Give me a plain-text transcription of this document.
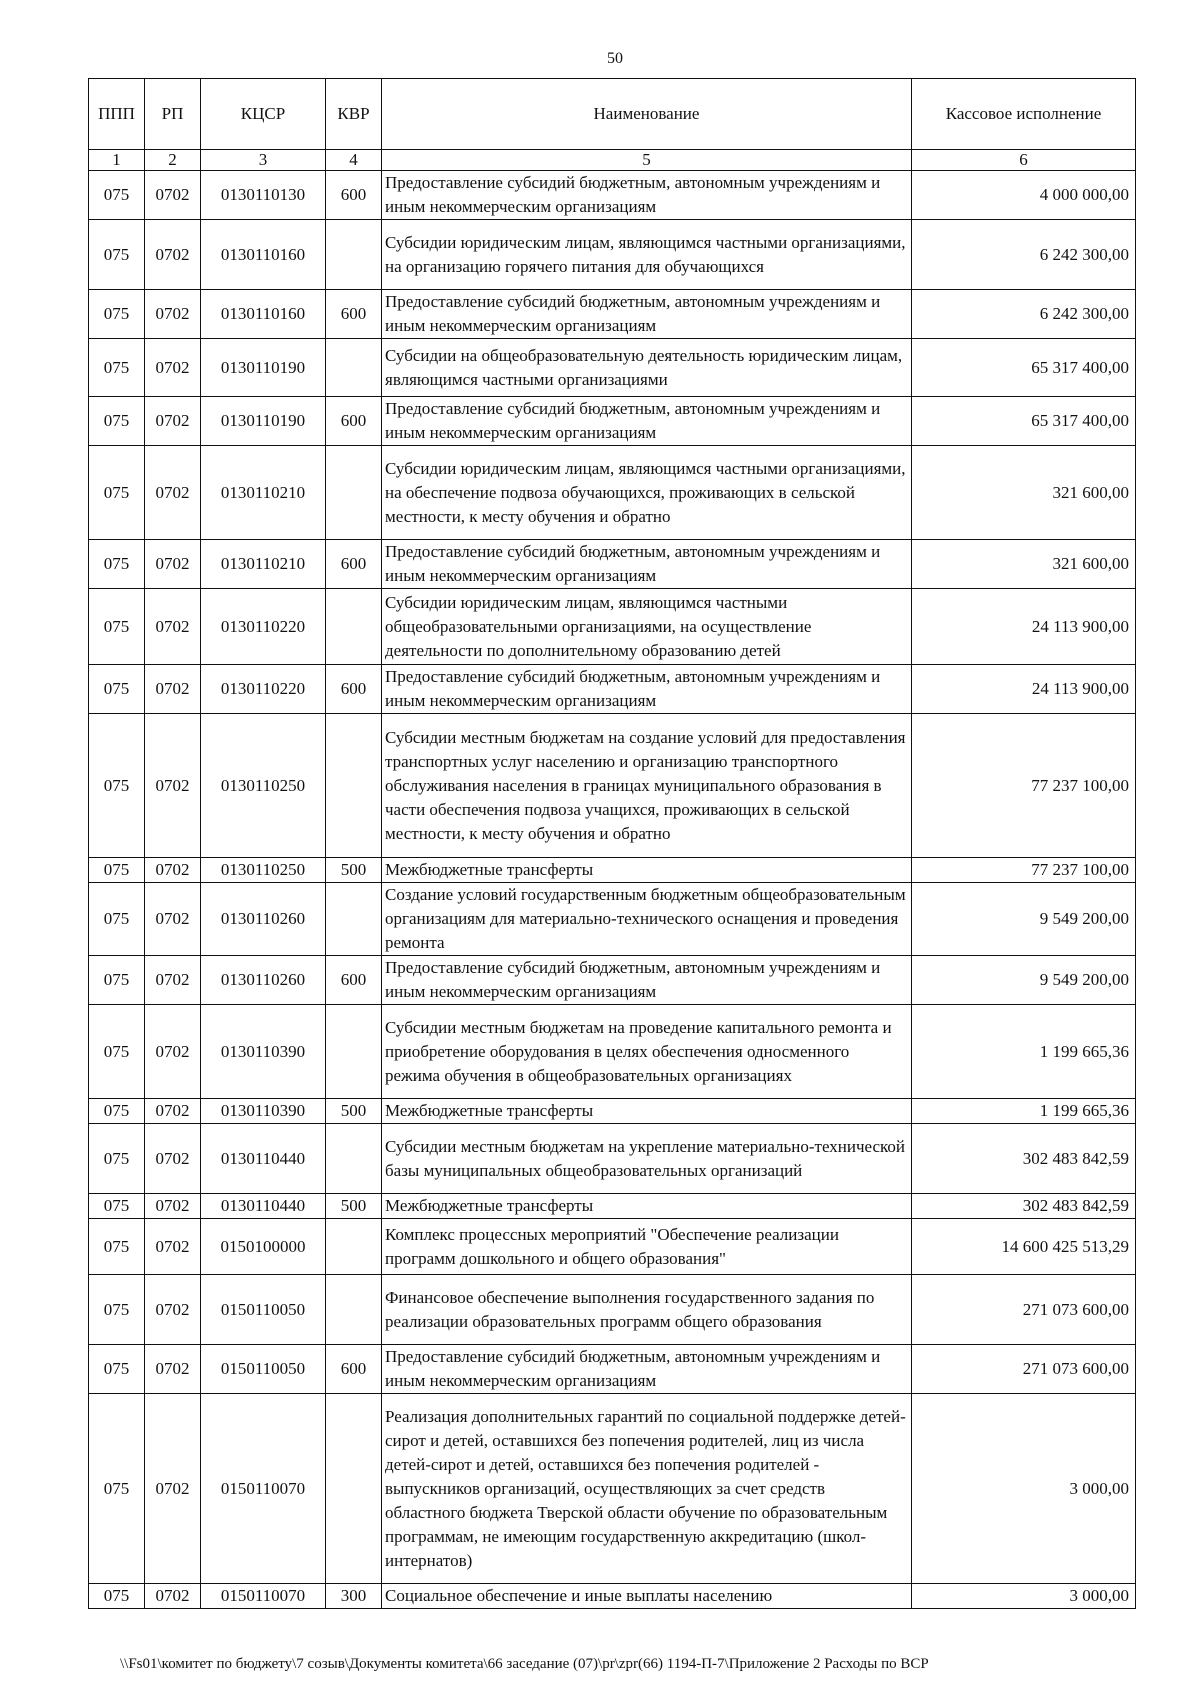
50
ППП	РП	КЦСР	КВР	Наименование	Кассовое исполнение
1	2	3	4	5	6
075	0702	0130110130	600	Предоставление субсидий бюджетным, автономным учреждениям и иным некоммерческим организациям	4 000 000,00
075	0702	0130110160		Субсидии юридическим лицам, являющимся частными организациями, на организацию горячего питания для обучающихся	6 242 300,00
075	0702	0130110160	600	Предоставление субсидий бюджетным, автономным учреждениям и иным некоммерческим организациям	6 242 300,00
075	0702	0130110190		Субсидии на общеобразовательную деятельность юридическим лицам, являющимся частными организациями	65 317 400,00
075	0702	0130110190	600	Предоставление субсидий бюджетным, автономным учреждениям и иным некоммерческим организациям	65 317 400,00
075	0702	0130110210		Субсидии юридическим лицам, являющимся частными организациями, на обеспечение подвоза обучающихся, проживающих в сельской местности, к месту обучения и обратно	321 600,00
075	0702	0130110210	600	Предоставление субсидий бюджетным, автономным учреждениям и иным некоммерческим организациям	321 600,00
075	0702	0130110220		Субсидии юридическим лицам, являющимся частными общеобразовательными организациями, на осуществление деятельности по дополнительному образованию детей	24 113 900,00
075	0702	0130110220	600	Предоставление субсидий бюджетным, автономным учреждениям и иным некоммерческим организациям	24 113 900,00
075	0702	0130110250		Субсидии местным бюджетам на создание условий для предоставления транспортных услуг населению и организацию транспортного обслуживания населения в границах муниципального образования в части обеспечения подвоза учащихся, проживающих в сельской местности, к месту обучения и обратно	77 237 100,00
075	0702	0130110250	500	Межбюджетные трансферты	77 237 100,00
075	0702	0130110260		Создание условий государственным бюджетным общеобразовательным организациям для материально-технического оснащения и проведения ремонта	9 549 200,00
075	0702	0130110260	600	Предоставление субсидий бюджетным, автономным учреждениям и иным некоммерческим организациям	9 549 200,00
075	0702	0130110390		Субсидии местным бюджетам на проведение капитального ремонта и приобретение оборудования в целях обеспечения односменного режима обучения в общеобразовательных организациях	1 199 665,36
075	0702	0130110390	500	Межбюджетные трансферты	1 199 665,36
075	0702	0130110440		Субсидии местным бюджетам на укрепление материально-технической базы муниципальных общеобразовательных организаций	302 483 842,59
075	0702	0130110440	500	Межбюджетные трансферты	302 483 842,59
075	0702	0150100000		Комплекс процессных мероприятий "Обеспечение реализации программ дошкольного и общего образования"	14 600 425 513,29
075	0702	0150110050		Финансовое обеспечение выполнения государственного задания по реализации образовательных программ общего образования	271 073 600,00
075	0702	0150110050	600	Предоставление субсидий бюджетным, автономным учреждениям и иным некоммерческим организациям	271 073 600,00
075	0702	0150110070		Реализация дополнительных гарантий по социальной поддержке детей-сирот и детей, оставшихся без попечения родителей, лиц из числа детей-сирот и детей, оставшихся без попечения родителей - выпускников организаций, осуществляющих за счет средств областного бюджета Тверской области обучение по образовательным программам, не имеющим государственную аккредитацию (школ-интернатов)	3 000,00
075	0702	0150110070	300	Социальное обеспечение и иные выплаты населению	3 000,00
\\Fs01\комитет по бюджету\7 созыв\Документы комитета\66 заседание (07)\pr\zpr(66) 1194-П-7\Приложение 2 Расходы по ВСР
